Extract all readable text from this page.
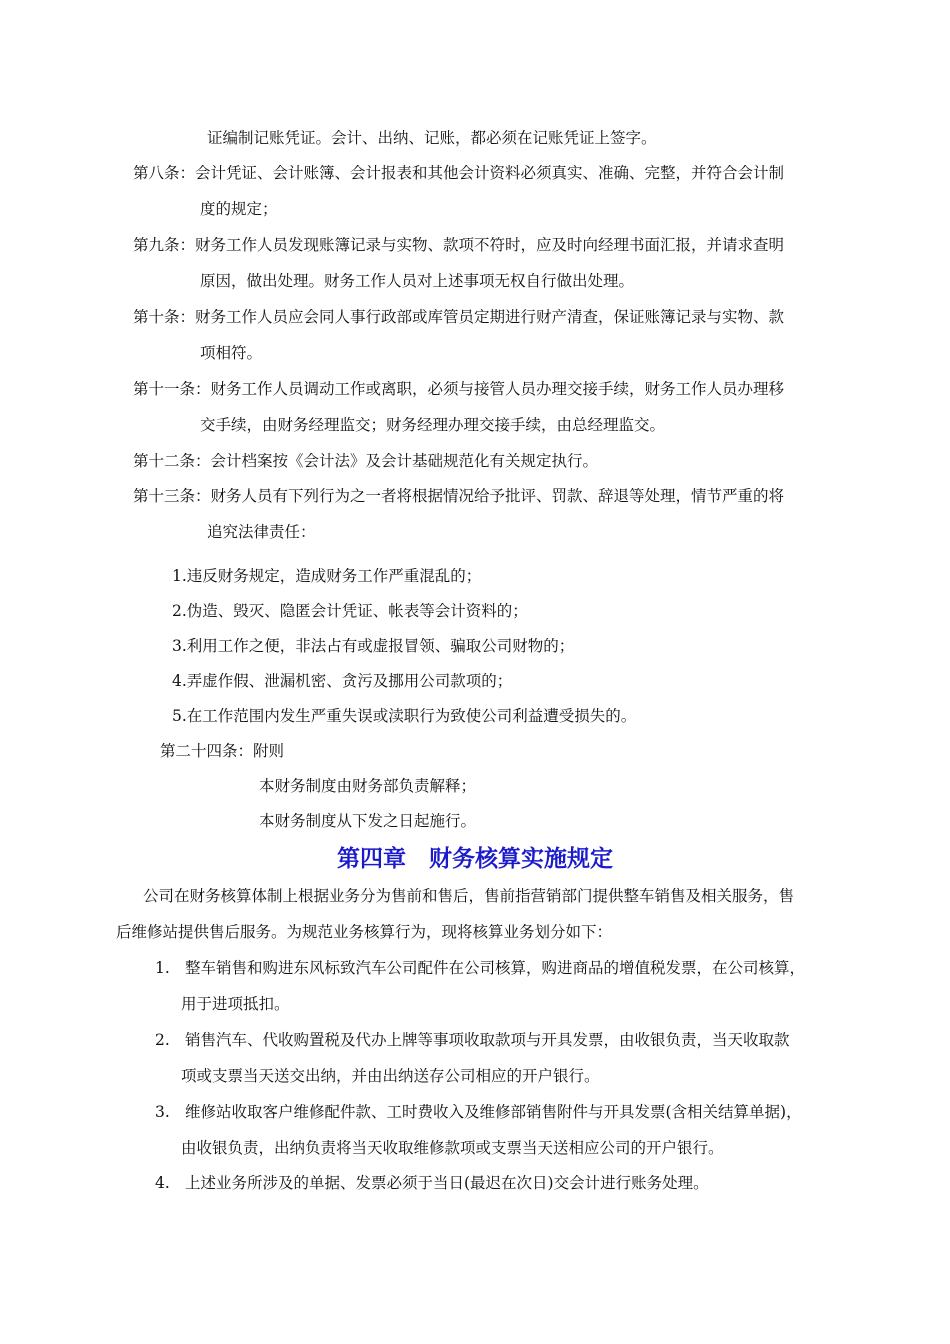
证编制记账凭证。会计、出纳、记账，都必须在记账凭证上签字。
第八条：会计凭证、会计账簿、会计报表和其他会计资料必须真实、准确、完整，并符合会计制
度的规定；
第九条：财务工作人员发现账簿记录与实物、款项不符时，应及时向经理书面汇报，并请求查明
原因，做出处理。财务工作人员对上述事项无权自行做出处理。
第十条：财务工作人员应会同人事行政部或库管员定期进行财产清查，保证账簿记录与实物、款
项相符。
第十一条：财务工作人员调动工作或离职，必须与接管人员办理交接手续，财务工作人员办理移
交手续，由财务经理监交；财务经理办理交接手续，由总经理监交。
第十二条：会计档案按《会计法》及会计基础规范化有关规定执行。
第十三条：财务人员有下列行为之一者将根据情况给予批评、罚款、辞退等处理，情节严重的将
追究法律责任：
1.违反财务规定，造成财务工作严重混乱的；
2.伪造、毁灭、隐匿会计凭证、帐表等会计资料的；
3.利用工作之便，非法占有或虚报冒领、骗取公司财物的；
4.弄虚作假、泄漏机密、贪污及挪用公司款项的；
5.在工作范围内发生严重失误或渎职行为致使公司利益遭受损失的。
第二十四条：附则
本财务制度由财务部负责解释；
本财务制度从下发之日起施行。
第四章　财务核算实施规定
公司在财务核算体制上根据业务分为售前和售后，售前指营销部门提供整车销售及相关服务，售
后维修站提供售后服务。为规范业务核算行为，现将核算业务划分如下：
1. 整车销售和购进东风标致汽车公司配件在公司核算，购进商品的增值税发票，在公司核算，
用于进项抵扣。
2. 销售汽车、代收购置税及代办上牌等事项收取款项与开具发票，由收银负责，当天收取款
项或支票当天送交出纳，并由出纳送存公司相应的开户银行。
3. 维修站收取客户维修配件款、工时费收入及维修部销售附件与开具发票(含相关结算单据)，
由收银负责，出纳负责将当天收取维修款项或支票当天送相应公司的开户银行。
4. 上述业务所涉及的单据、发票必须于当日(最迟在次日)交会计进行账务处理。
